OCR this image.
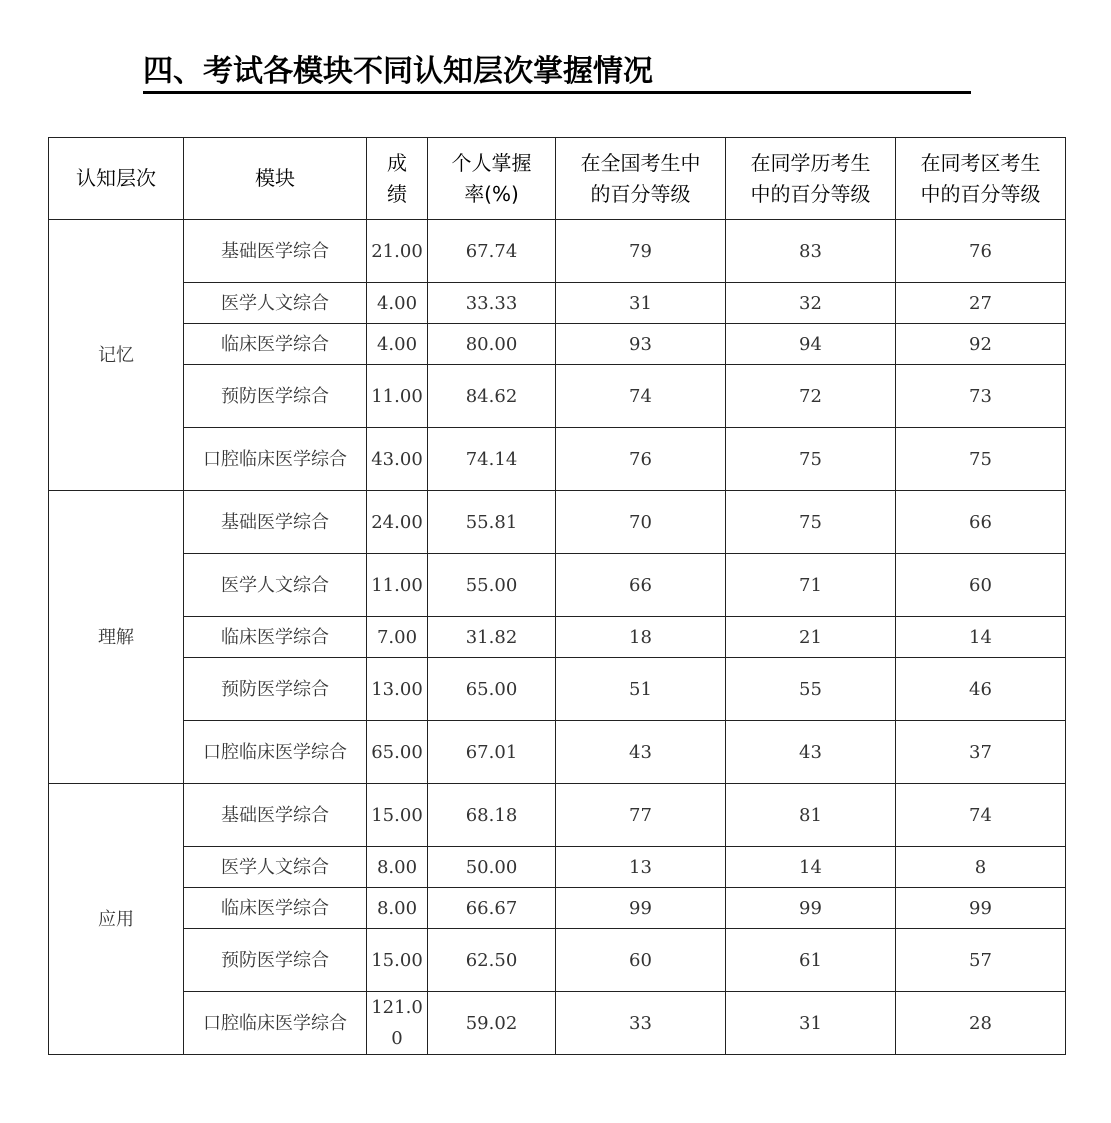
四、考试各模块不同认知层次掌握情况
认知层次	模块	成绩	个人掌握率(%)	在全国考生中的百分等级	在同学历考生中的百分等级	在同考区考生中的百分等级
记忆	基础医学综合	21.00	67.74	79	83	76
	医学人文综合	4.00	33.33	31	32	27
	临床医学综合	4.00	80.00	93	94	92
	预防医学综合	11.00	84.62	74	72	73
	口腔临床医学综合	43.00	74.14	76	75	75
理解	基础医学综合	24.00	55.81	70	75	66
	医学人文综合	11.00	55.00	66	71	60
	临床医学综合	7.00	31.82	18	21	14
	预防医学综合	13.00	65.00	51	55	46
	口腔临床医学综合	65.00	67.01	43	43	37
应用	基础医学综合	15.00	68.18	77	81	74
	医学人文综合	8.00	50.00	13	14	8
	临床医学综合	8.00	66.67	99	99	99
	预防医学综合	15.00	62.50	60	61	57
	口腔临床医学综合	121.00	59.02	33	31	28
